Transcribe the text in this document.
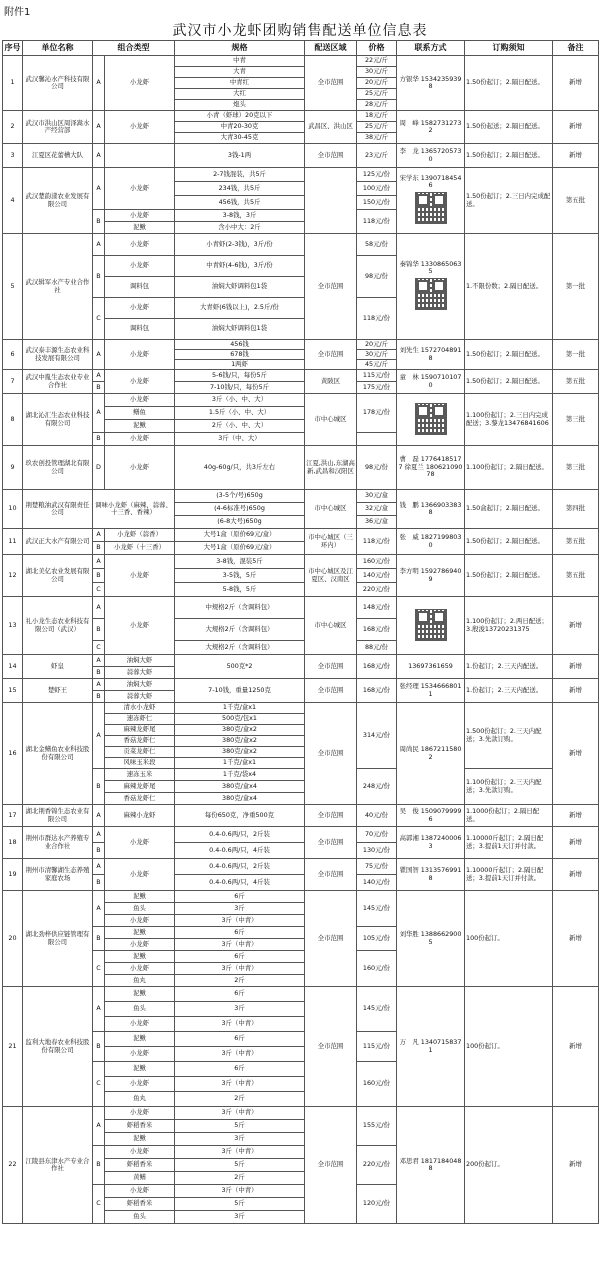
附件1
武汉市小龙虾团购销售配送单位信息表
序号	单位名称	组合类型		规格	配送区域	价格	联系方式	订购须知	备注
1	武汉馨沁水产科技有限公司	A	小龙虾	中青	全市范围	22元/斤	方银华 15342359398	1.50份起订；2.隔日配送。	新增
				大青		30元/斤			
				中青红		20元/斤			
				大红		25元/斤			
				炮头		28元/斤			
2	武汉市洪山区周泽嵩水产经营部	A	小龙虾	小青（虾球）20克以下	武昌区、洪山区	18元/斤	周　峰 15827312732	1.50份起送；2.隔日配送。	新增
				中青20-30克		25元/斤			
				大青30-45克		38元/斤			
3	江夏区花蕾槽大队	A		3钱-1两	全市范围	23元/斤	李　龙 13657205730	1.50份起订；2.隔日配送。	新增
4	武汉楚韵漾农业发展有限公司	A	小龙虾	2-7钱混装，共5斤		125元/份	宋学东 13907184546	1.50份起订；2.三日内完成配送。	第五批
				234钱，共5斤		100元/份			
				456钱，共5斤		150元/份			
		B	小龙虾	3-8钱，3斤		118元/份			
			泥鳅	含小中大：2斤					
5	武汉辑军水产专业合作社	A	小龙虾	小青虾(2-3钱)，3斤/份	全市范围	58元/份	秦锦华 13308650635	1.不限份数；2.隔日配送。	第一批
		B	小龙虾	中青虾(4-6钱)，3斤/份		98元/份			
			调料包	油焖大虾调料包1袋					
		C	小龙虾	大青虾(6钱以上)，2.5斤/份		118元/份			
			调料包	油焖大虾调料包1袋					
6	武汉泰丰源生态农业科技发展有限公司	A	小龙虾	456钱	全市范围	20元/斤	刘先生 15727048918	1.50份起订；2.隔日配送。	第一批
				678钱		30元/斤			
				1两虾		45元/斤			
7	武汉中胤生态农业专业合作社	A	小龙虾	5-6钱/只，每份5斤	黄陂区	115元/份	童　林 15907101070	1.50份起订；2.隔日配送。	第五批
		B		7-10钱/只，每份5斤		175元/份			
8	湖北沁汇生态农业科技有限公司	A	小龙虾	3斤（小、中、大）	市中心城区	178元/份		1.100份起订；2.三日内完成配送；3.黎龙13476841606	第三批
			鳝鱼	1.5斤（小、中、大）					
			泥鳅	2斤（小、中、大）					
		B	小龙虾	3斤（中、大）					
9	玖农创投管理湖北有限公司	D	小龙虾	40g-60g/只，共3斤左右	江夏,洪山,东湖高新,武昌和汉阳区	98元/份	曹　磊 17764185177 徐夏兰 18062109078	1.100份起订；2.隔日配送。	第三批
10	荆楚粮油武汉有限责任公司	调味小龙虾（麻辣、蒜蓉、十三香、香辣）		(3-5个/号)650g	市中心城区	30元/盒	钱　鹏 13669033838	1.50盒起订；2.隔日配送。	第四批
				(4-6标准号)650g		32元/盒			
				(6-8大号)650g		36元/盒			
11	武汉正大水产有限公司	A	小龙虾（蒜香）	大号1盒（原价69元/盒）	市中心城区（三环内）	118元/份	张　威 18271998030	1.50份起订；2.隔日配送。	第五批
		B	小龙虾（十三香）	大号1盒（原价69元/盒）					
12	湖北美亿农业发展有限公司	A	小龙虾	3-8钱，混装5斤	市中心城区及江夏区、汉南区	160元/份	李方明 15927869409	1.50份起订；2.隔日配送。	第五批
		B		3-5钱，5斤		140元/份			
		C		5-8钱，5斤		220元/份			
13	礼小龙生态农业科技有限公司（武汉）	A	小龙虾	中规格2斤（含调料包）	市中心城区	148元/份		1.100份起订；2.两日配送；3.殷浚13720231375	新增
		B		大规格2斤（含调料包）		168元/份			
		C		大规格2斤（含调料包）		88元/份			
14	虾皇	A	油焖大虾	500克*2	全市范围	168元/份	13697361659	1.份起订；2.三天内配送。	新增
		B	蒜蓉大虾						
15	楚虾王	A	油焖大虾	7-10钱，重量1250克	全市范围	168元/份	张经理 15346668011	1.份起订；2.三天内配送。	新增
		B	蒜蓉大虾						
16	湖北金鳝鱼农业科技股份有限公司	A	清水小龙虾	1千克/盒x1	全市范围	314元/份	周尚民 18672115802	1.500份起订；2.三天内配送；3.先款订购。	新增
			速冻虾仁	500克/包x1					
			麻辣龙虾尾	380克/盒x2					
			香菇龙虾仁	380克/盒x2					
			贡菜龙虾仁	380克/盒x2					
			风味玉米段	1千克/盒x1					
		B	速冻玉米	1千克/袋x4		248元/份		1.100份起订；2.三天内配送；3.先款订购。	
			麻辣龙虾尾	380克/盒x4					
			香菇龙虾仁	380克/盒x4					
17	湖北荆香锦生态农业有限公司	A	麻辣小龙虾	每份650克，净重500克	全市范围	40元/份	吴　俊 15090799996	1.1000份起订；2.隔日配送。	新增
18	荆州市群达水产养殖专业合作社	A	小龙虾	0.4-0.6两/只，2斤装	全市范围	70元/份	高郭湘 13872400063	1.10000斤起订；2.隔日配送；3.提前1天订并付款。	新增
		B		0.4-0.6两/只，4斤装		130元/份			
19	荆州市清馨湖生态养殖家庭农场	A	小龙虾	0.4-0.6两/只，2斤装	全市范围	75元/份	瞿国智 13135769918	1.10000斤起订；2.隔日配送；3.提前1天订并付款。	新增
		B		0.4-0.6两/只，4斤装		140元/份			
20	湖北劲梓供应链管理有限公司	A	泥鳅	6斤	全市范围	145元/份	刘华胜 13886629005	100份起订。	新增
			鱼头	3斤					
			小龙虾	3斤（中青）					
		B	泥鳅	6斤		105元/份			
			小龙虾	3斤（中青）					
		C	泥鳅	6斤		160元/份			
			小龙虾	3斤（中青）					
			鱼丸	2斤					
21	监利大地春农业科技股份有限公司	A	泥鳅	6斤	全市范围	145元/份	万　凡 13407158371	100份起订。	新增
			鱼头	3斤					
			小龙虾	3斤（中青）					
		B	泥鳅	6斤		115元/份			
			小龙虾	3斤（中青）					
		C	泥鳅	6斤		160元/份			
			小龙虾	3斤（中青）					
			鱼丸	2斤					
22	江陵县东津水产专业合作社	A	小龙虾	3斤（中青）	全市范围	155元/份	邓思君 18171840488	200份起订。	新增
			虾稻香米	5斤					
			泥鳅	3斤					
		B	小龙虾	3斤（中青）		220元/份			
			虾稻香米	5斤					
			黄鳝	2斤					
		C	小龙虾	3斤（中青）		120元/份			
			虾稻香米	5斤					
			鱼头	3斤					
